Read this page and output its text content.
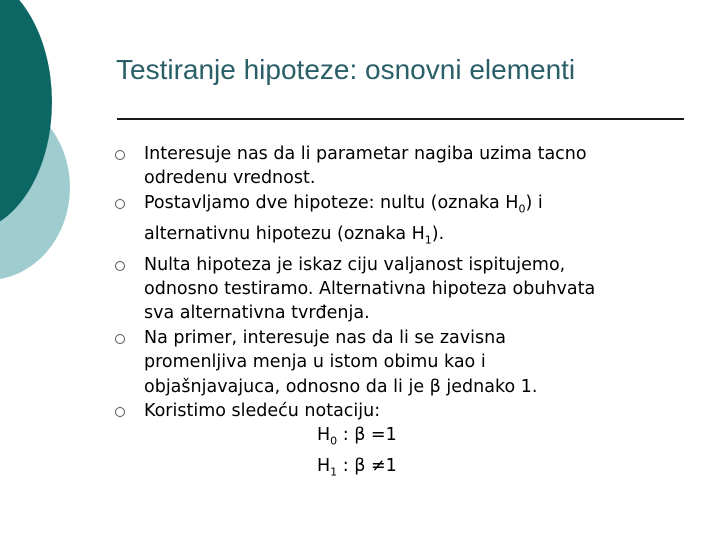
Testiranje hipoteze: osnovni elementi
Interesuje nas da li parametar nagiba uzima tacno
odredenu vrednost.
Postavljamo dve hipoteze: nultu (oznaka $H_0$) i
alternativnu hipotezu (oznaka $H_1$).
Nulta hipoteza je iskaz ciju valjanost ispitujemo,
odnosno testiramo. Alternativna hipoteza obuhvata
sva alternativna tvrđenja.
Na primer, interesuje nas da li se zavisna
promenljiva menja u istom obimu kao i
objašnjavajuca, odnosno da li je β jednako 1.
Koristimo sledeću notaciju:
$H_0$ : β =1
$H_1$ : β ≠1
